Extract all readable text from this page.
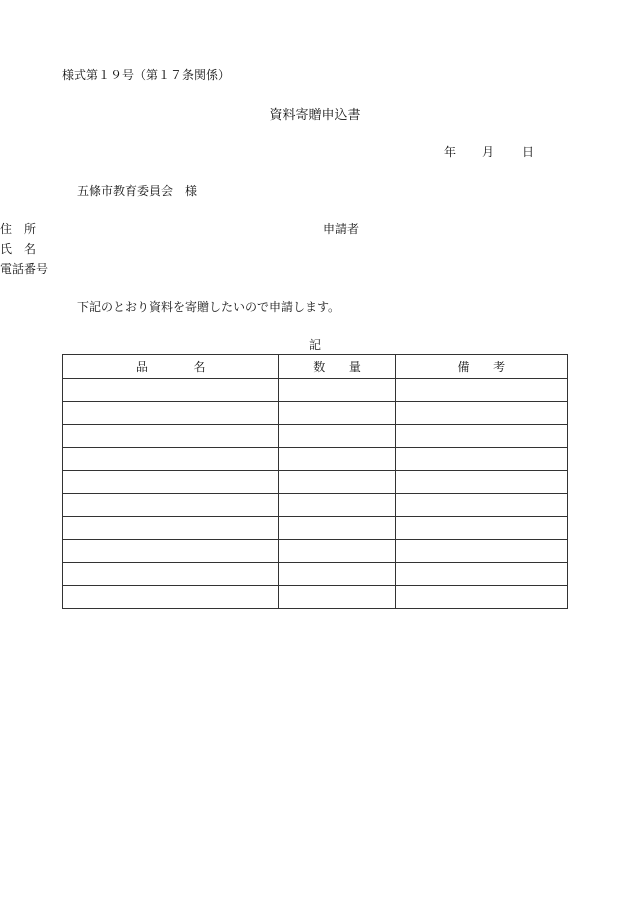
様式第１９号（第１７条関係）
資料寄贈申込書
年 月 日
五條市教育委員会　様
申請者
住　所
氏　名
電話番号
下記のとおり資料を寄贈したいので申請します。
記
品 名	数 量	備 考
